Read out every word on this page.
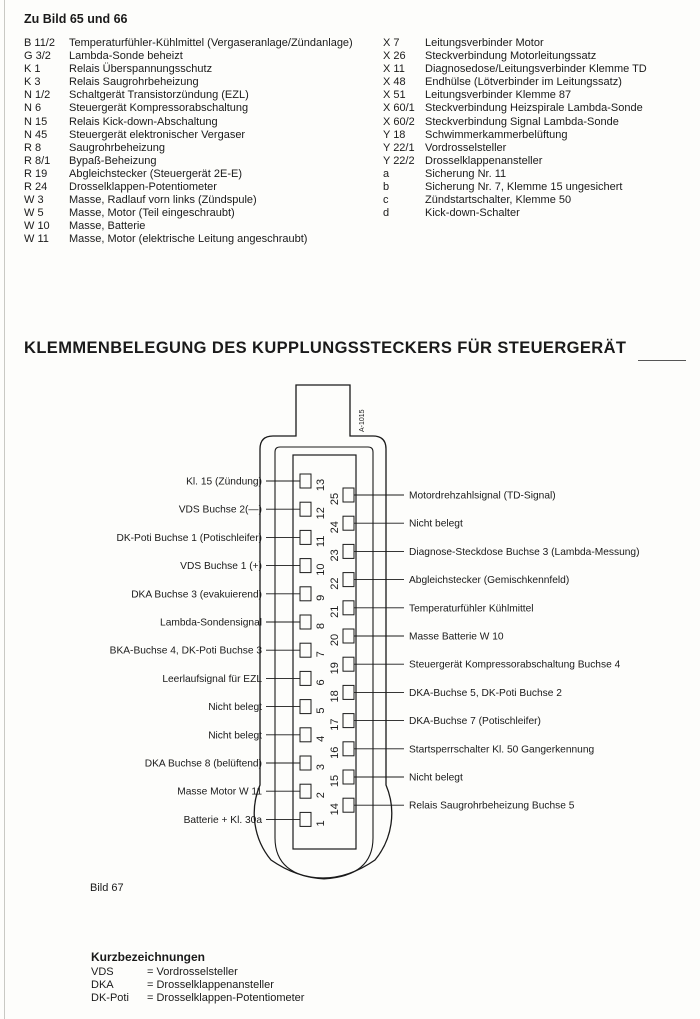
Zu Bild 65 und 66
B 11/2	Temperaturfühler-Kühlmittel (Vergaseranlage/Zündanlage)
G 3/2	Lambda-Sonde beheizt
K 1	Relais Überspannungsschutz
K 3	Relais Saugrohrbeheizung
N 1/2	Schaltgerät Transistorzündung (EZL)
N 6	Steuergerät Kompressorabschaltung
N 15	Relais Kick-down-Abschaltung
N 45	Steuergerät elektronischer Vergaser
R 8	Saugrohrbeheizung
R 8/1	Bypaß-Beheizung
R 19	Abgleichstecker (Steuergerät 2E-E)
R 24	Drosselklappen-Potentiometer
W 3	Masse, Radlauf vorn links (Zündspule)
W 5	Masse, Motor (Teil eingeschraubt)
W 10	Masse, Batterie
W 11	Masse, Motor (elektrische Leitung angeschraubt)
X 7	Leitungsverbinder Motor
X 26	Steckverbindung Motorleitungssatz
X 11	Diagnosedose/Leitungsverbinder Klemme TD
X 48	Endhülse (Lötverbinder im Leitungssatz)
X 51	Leitungsverbinder Klemme 87
X 60/1 Steckverbindung Heizspirale Lambda-Sonde
X 60/2 Steckverbindung Signal Lambda-Sonde
Y 18	Schwimmerkammerbelüftung
Y 22/1 Vordrosselsteller
Y 22/2 Drosselklappenansteller
a	Sicherung Nr. 11
b	Sicherung Nr. 7, Klemme 15 ungesichert
c	Zündstartschalter, Klemme 50
d	Kick-down-Schalter
KLEMMENBELEGUNG DES KUPPLUNGSSTECKERS FÜR STEUERGERÄT
A-1015
13
Kl. 15 (Zündung)
12
VDS Buchse 2(—)
11
DK-Poti Buchse 1 (Potischleifer)
10
VDS Buchse 1 (+)
9
DKA Buchse 3 (evakuierend)
8
Lambda-Sondensignal
7
BKA-Buchse 4, DK-Poti Buchse 3
6
Leerlaufsignal für EZL
5
Nicht belegt
4
Nicht belegt
3
DKA Buchse 8 (belüftend)
2
Masse Motor W 11
1
Batterie + Kl. 30a
25	Motordrehzahlsignal (TD-Signal)
24	Nicht belegt
23	Diagnose-Steckdose Buchse 3 (Lambda-Messung)
22	Abgleichstecker (Gemischkennfeld)
21	Temperaturfühler Kühlmittel
20	Masse Batterie W 10
19	Steuergerät Kompressorabschaltung Buchse 4
18	DKA-Buchse 5, DK-Poti Buchse 2
17	DKA-Buchse 7 (Potischleifer)
16	Startsperrschalter Kl. 50 Gangerkennung
15	Nicht belegt
14	Relais Saugrohrbeheizung Buchse 5

Bild 67

Kurzbezeichnungen
VDS	= Vordrosselsteller
DKA	= Drosselklappenansteller
DK-Poti	= Drosselklappen-Potentiometer
